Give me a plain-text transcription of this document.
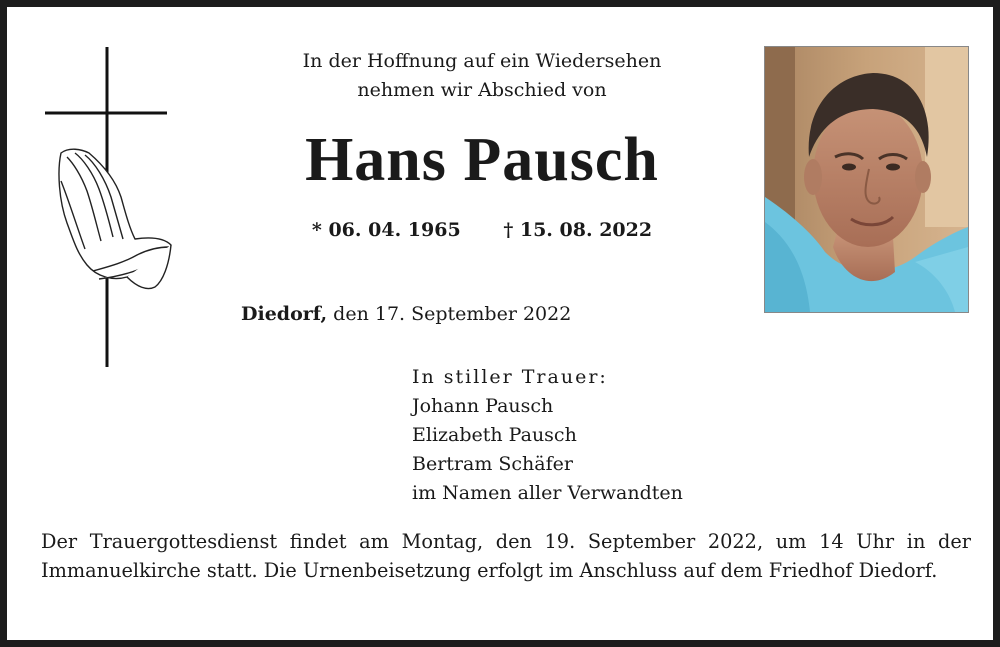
In der Hoffnung auf ein Wiedersehen
nehmen wir Abschied von
Hans Pausch
* 06. 04. 1965 † 15. 08. 2022
Diedorf, den 17. September 2022
In stiller Trauer:
Johann Pausch
Elizabeth Pausch
Bertram Schäfer
im Namen aller Verwandten
Der Trauergottesdienst findet am Montag, den 19. September 2022, um 14 Uhr in der Immanuelkirche statt. Die Urnenbeisetzung erfolgt im Anschluss auf dem Friedhof Diedorf.
